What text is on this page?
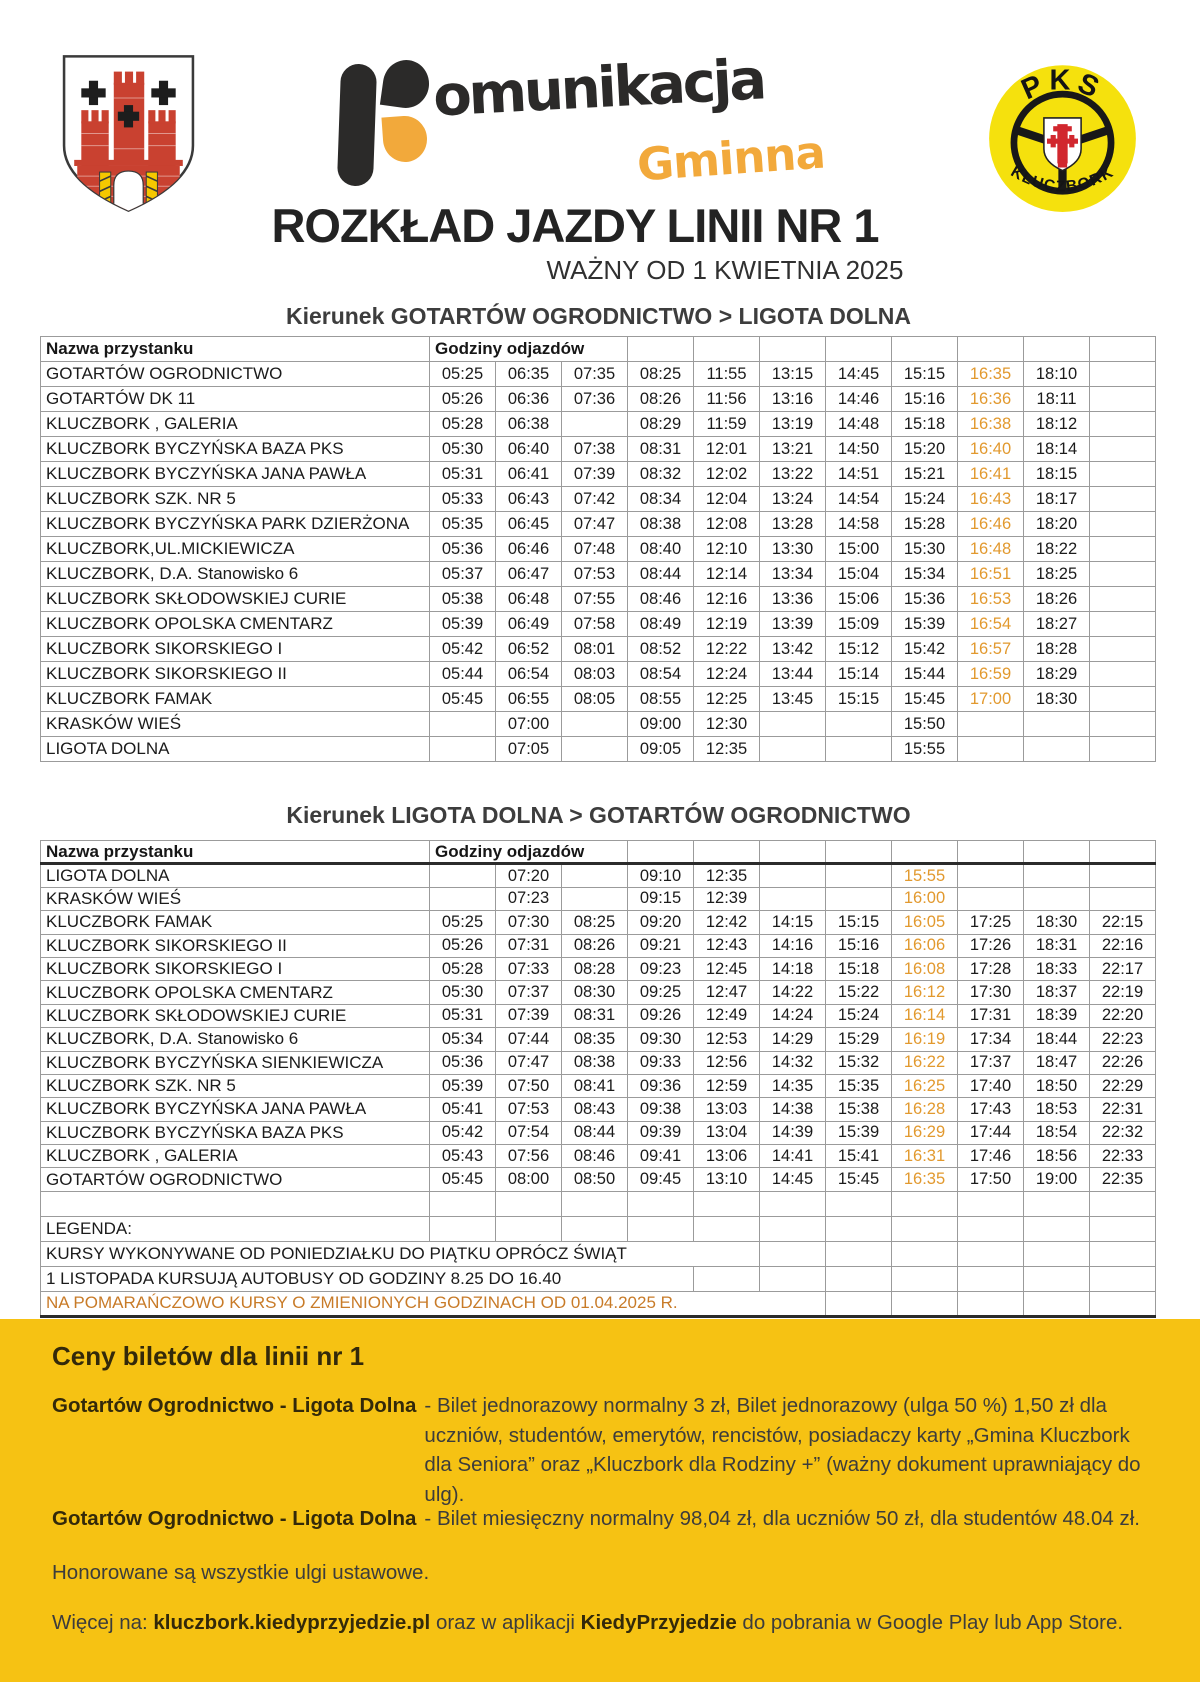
omunikacja
Gminna
PKS
KLUCZBORK
ROZKŁAD JAZDY LINII NR 1
WAŻNY OD 1 KWIETNIA 2025
Kierunek GOTARTÓW OGRODNICTWO > LIGOTA DOLNA
Nazwa przystanku	Godziny odjazdów										
GOTARTÓW OGRODNICTWO	05:25	06:35	07:35	08:25	11:55	13:15	14:45	15:15	16:35	18:10	
GOTARTÓW DK 11	05:26	06:36	07:36	08:26	11:56	13:16	14:46	15:16	16:36	18:11	
KLUCZBORK , GALERIA	05:28	06:38		08:29	11:59	13:19	14:48	15:18	16:38	18:12	
KLUCZBORK BYCZYŃSKA BAZA PKS	05:30	06:40	07:38	08:31	12:01	13:21	14:50	15:20	16:40	18:14	
KLUCZBORK BYCZYŃSKA JANA PAWŁA	05:31	06:41	07:39	08:32	12:02	13:22	14:51	15:21	16:41	18:15	
KLUCZBORK SZK. NR 5	05:33	06:43	07:42	08:34	12:04	13:24	14:54	15:24	16:43	18:17	
KLUCZBORK BYCZYŃSKA PARK DZIERŻONA	05:35	06:45	07:47	08:38	12:08	13:28	14:58	15:28	16:46	18:20	
KLUCZBORK,UL.MICKIEWICZA	05:36	06:46	07:48	08:40	12:10	13:30	15:00	15:30	16:48	18:22	
KLUCZBORK, D.A. Stanowisko 6	05:37	06:47	07:53	08:44	12:14	13:34	15:04	15:34	16:51	18:25	
KLUCZBORK SKŁODOWSKIEJ CURIE	05:38	06:48	07:55	08:46	12:16	13:36	15:06	15:36	16:53	18:26	
KLUCZBORK OPOLSKA CMENTARZ	05:39	06:49	07:58	08:49	12:19	13:39	15:09	15:39	16:54	18:27	
KLUCZBORK SIKORSKIEGO I	05:42	06:52	08:01	08:52	12:22	13:42	15:12	15:42	16:57	18:28	
KLUCZBORK SIKORSKIEGO II	05:44	06:54	08:03	08:54	12:24	13:44	15:14	15:44	16:59	18:29	
KLUCZBORK FAMAK	05:45	06:55	08:05	08:55	12:25	13:45	15:15	15:45	17:00	18:30	
KRASKÓW WIEŚ		07:00		09:00	12:30			15:50			
LIGOTA DOLNA		07:05		09:05	12:35			15:55			
Kierunek LIGOTA DOLNA > GOTARTÓW OGRODNICTWO
Nazwa przystanku	Godziny odjazdów										
LIGOTA DOLNA		07:20		09:10	12:35			15:55			
KRASKÓW WIEŚ		07:23		09:15	12:39			16:00			
KLUCZBORK FAMAK	05:25	07:30	08:25	09:20	12:42	14:15	15:15	16:05	17:25	18:30	22:15
KLUCZBORK SIKORSKIEGO II	05:26	07:31	08:26	09:21	12:43	14:16	15:16	16:06	17:26	18:31	22:16
KLUCZBORK SIKORSKIEGO I	05:28	07:33	08:28	09:23	12:45	14:18	15:18	16:08	17:28	18:33	22:17
KLUCZBORK OPOLSKA CMENTARZ	05:30	07:37	08:30	09:25	12:47	14:22	15:22	16:12	17:30	18:37	22:19
KLUCZBORK SKŁODOWSKIEJ CURIE	05:31	07:39	08:31	09:26	12:49	14:24	15:24	16:14	17:31	18:39	22:20
KLUCZBORK, D.A. Stanowisko 6	05:34	07:44	08:35	09:30	12:53	14:29	15:29	16:19	17:34	18:44	22:23
KLUCZBORK BYCZYŃSKA SIENKIEWICZA	05:36	07:47	08:38	09:33	12:56	14:32	15:32	16:22	17:37	18:47	22:26
KLUCZBORK SZK. NR 5	05:39	07:50	08:41	09:36	12:59	14:35	15:35	16:25	17:40	18:50	22:29
KLUCZBORK BYCZYŃSKA JANA PAWŁA	05:41	07:53	08:43	09:38	13:03	14:38	15:38	16:28	17:43	18:53	22:31
KLUCZBORK BYCZYŃSKA BAZA PKS	05:42	07:54	08:44	09:39	13:04	14:39	15:39	16:29	17:44	18:54	22:32
KLUCZBORK , GALERIA	05:43	07:56	08:46	09:41	13:06	14:41	15:41	16:31	17:46	18:56	22:33
GOTARTÓW OGRODNICTWO	05:45	08:00	08:50	09:45	13:10	14:45	15:45	16:35	17:50	19:00	22:35

LEGENDA:											
KURSY WYKONYWANE OD PONIEDZIAŁKU DO PIĄTKU OPRÓCZ ŚWIĄT											
1 LISTOPADA KURSUJĄ AUTOBUSY OD GODZINY 8.25 DO 16.40											
NA POMARAŃCZOWO KURSY O ZMIENIONYCH GODZINACH OD 01.04.2025 R.											
Ceny biletów dla linii nr 1
Gotartów Ogrodnictwo - Ligota Dolna - Bilet jednorazowy normalny 3 zł, Bilet jednorazowy (ulga 50 %) 1,50 zł dla uczniów, studentów, emerytów, rencistów, posiadaczy karty „Gmina Kluczbork dla Seniora” oraz „Kluczbork dla Rodziny +” (ważny dokument uprawniający do ulg).
Gotartów Ogrodnictwo - Ligota Dolna - Bilet miesięczny normalny 98,04 zł, dla uczniów 50 zł, dla studentów 48.04 zł.
Honorowane są wszystkie ulgi ustawowe.
Więcej na: kluczbork.kiedyprzyjedzie.pl oraz w aplikacji KiedyPrzyjedzie do pobrania w Google Play lub App Store.
